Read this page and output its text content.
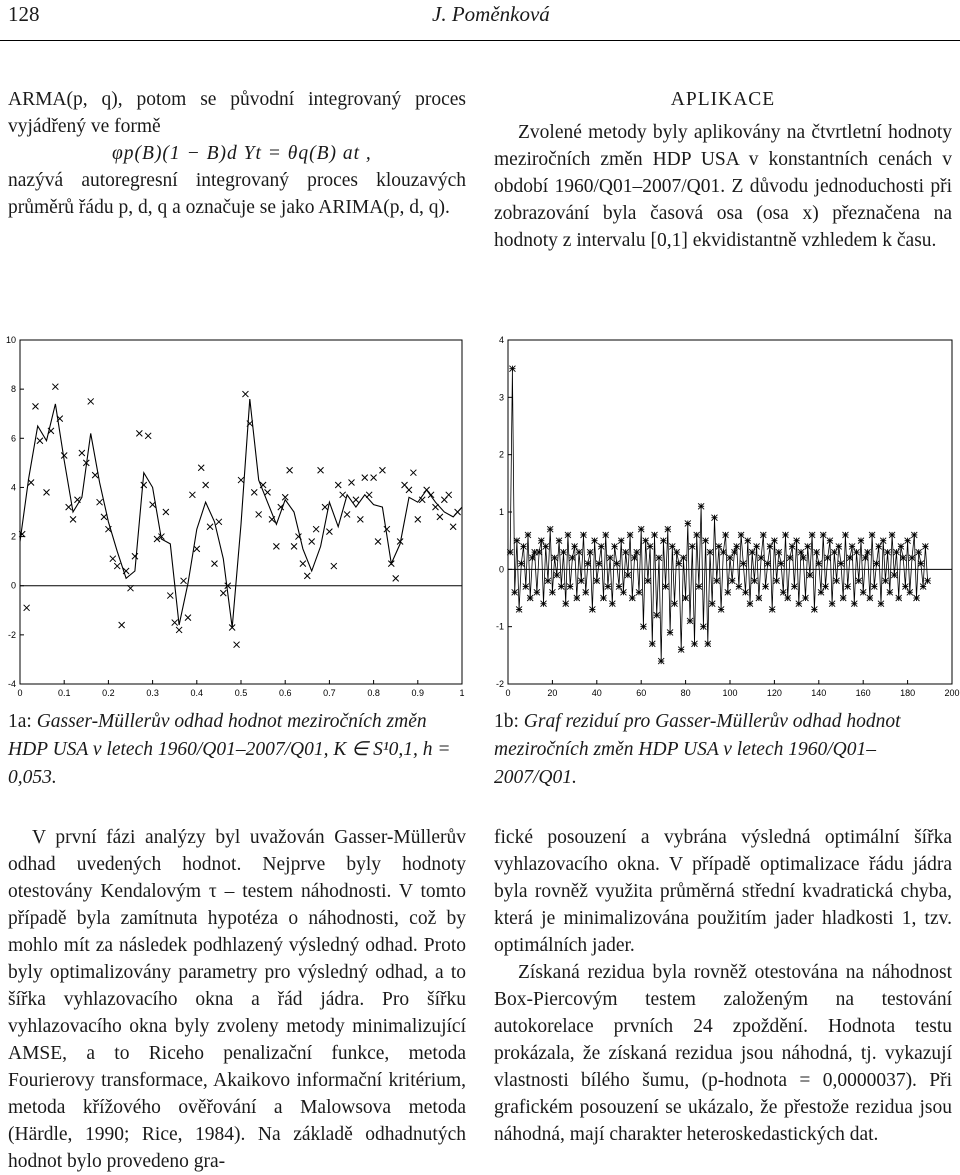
128	J. Poměnková

ARMA(p, q), potom se původní integrovaný proces vyjádřený ve formě

φp(B)(1 − B)d Yt = θq(B) at ,

nazývá autoregresní integrovaný proces klouzavých průměrů řádu p, d, q a označuje se jako ARIMA(p, d, q).

APLIKACE

Zvolené metody byly aplikovány na čtvrtletní hodnoty meziročních změn HDP USA v konstantních cenách v období 1960/Q01–2007/Q01. Z důvodu jednoduchosti při zobrazování byla časová osa (osa x) přeznačena na hodnoty z intervalu [0,1] ekvidistantně vzhledem k času.

0	0.1	0.2	0.3	0.4	0.5	0.6	0.7	0.8	0.9	1
10
8
6
4
2
0
-2
-4
0	20	40	60	80	100	120	140	160	180	200
4
3
2
1
0
-1
-2
1a: Gasser-Müllerův odhad hodnot meziročních změn HDP USA v letech 1960/Q01–2007/Q01, K ∈ S¹0,1, h = 0,053.
1b: Graf reziduí pro Gasser-Müllerův odhad hodnot meziročních změn HDP USA v letech 1960/Q01–2007/Q01.

V první fázi analýzy byl uvažován Gasser-Müllerův odhad uvedených hodnot. Nejprve byly hodnoty otestovány Kendalovým τ – testem náhodnosti. V tomto případě byla zamítnuta hypotéza o náhodnosti, což by mohlo mít za následek podhlazený výsledný odhad. Proto byly optimalizovány parametry pro výsledný odhad, a to šířka vyhlazovacího okna a řád jádra. Pro šířku vyhlazovacího okna byly zvoleny metody minimalizující AMSE, a to Riceho penalizační funkce, metoda Fourierovy transformace, Akaikovo informační kritérium, metoda křížového ověřování a Malowsova metoda (Härdle, 1990; Rice, 1984). Na základě odhadnutých hodnot bylo provedeno gra-

fické posouzení a vybrána výsledná optimální šířka vyhlazovacího okna. V případě optimalizace řádu jádra byla rovněž využita průměrná střední kvadratická chyba, která je minimalizována použitím jader hladkosti 1, tzv. optimálních jader.

Získaná rezidua byla rovněž otestována na náhodnost Box-Piercovým testem založeným na testování autokorelace prvních 24 zpoždění. Hodnota testu prokázala, že získaná rezidua jsou náhodná, tj. vykazují vlastnosti bílého šumu, (p-hodnota = 0,0000037). Při grafickém posouzení se ukázalo, že přestože rezidua jsou náhodná, mají charakter heteroskedastických dat.
